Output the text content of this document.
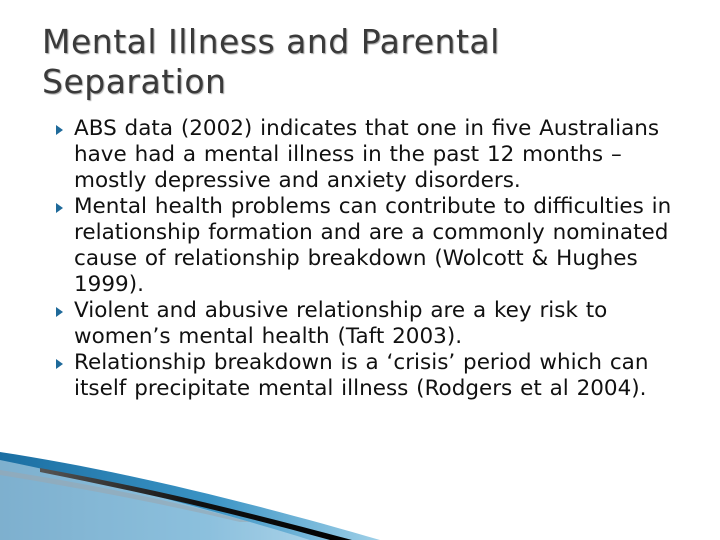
Mental Illness and Parental Separation
ABS data (2002) indicates that one in five Australians have had a mental illness in the past 12 months – mostly depressive and anxiety disorders.
Mental health problems can contribute to difficulties in relationship formation and are a commonly nominated cause of relationship breakdown (Wolcott & Hughes 1999).
Violent and abusive relationship are a key risk to women’s mental health (Taft 2003).
Relationship breakdown is a ‘crisis’ period which can itself precipitate mental illness (Rodgers et al 2004).
